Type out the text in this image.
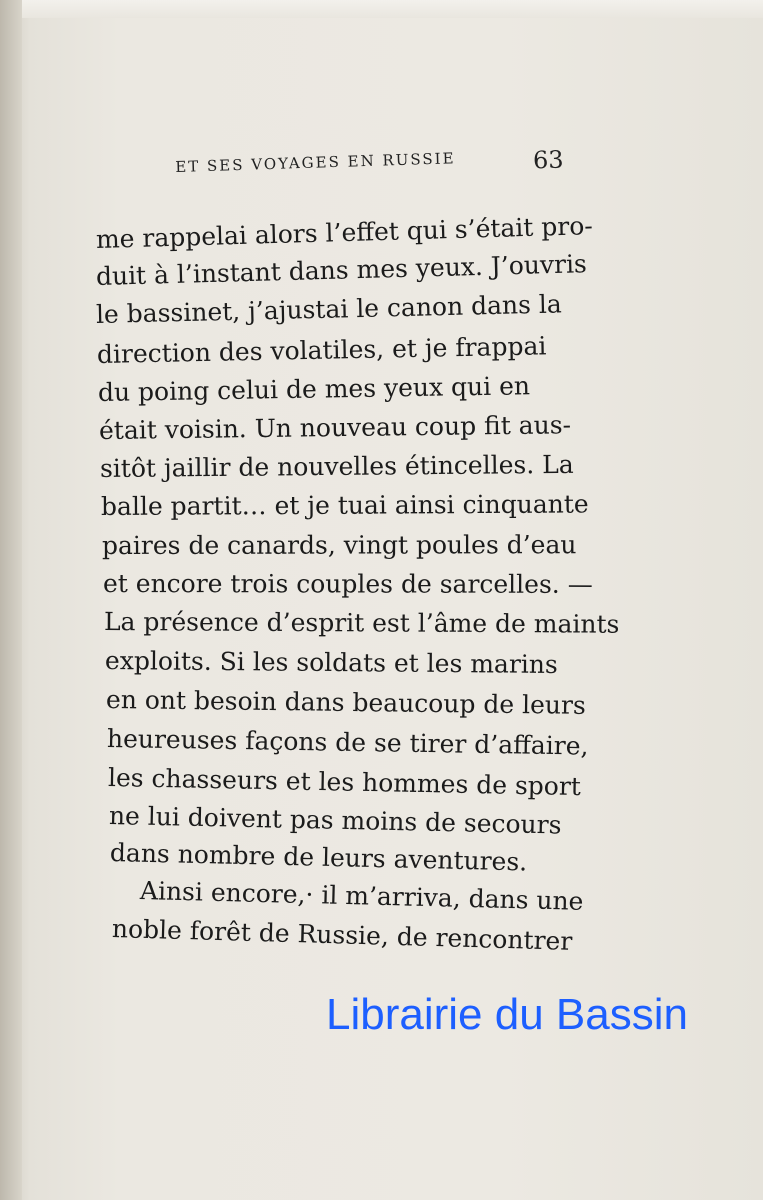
ET SES VOYAGES EN RUSSIE	63
me rappelai alors l’effet qui s’était pro-
duit à l’instant dans mes yeux. J’ouvris
le bassinet, j’ajustai le canon dans la
direction des volatiles, et je frappai
du poing celui de mes yeux qui en
était voisin. Un nouveau coup fit aus-
sitôt jaillir de nouvelles étincelles. La
balle partit… et je tuai ainsi cinquante
paires de canards, vingt poules d’eau
et encore trois couples de sarcelles. —
La présence d’esprit est l’âme de maints
exploits. Si les soldats et les marins
en ont besoin dans beaucoup de leurs
heureuses façons de se tirer d’affaire,
les chasseurs et les hommes de sport
ne lui doivent pas moins de secours
dans nombre de leurs aventures.
Ainsi encore,· il m’arriva, dans une
noble forêt de Russie, de rencontrer
Librairie du Bassin
